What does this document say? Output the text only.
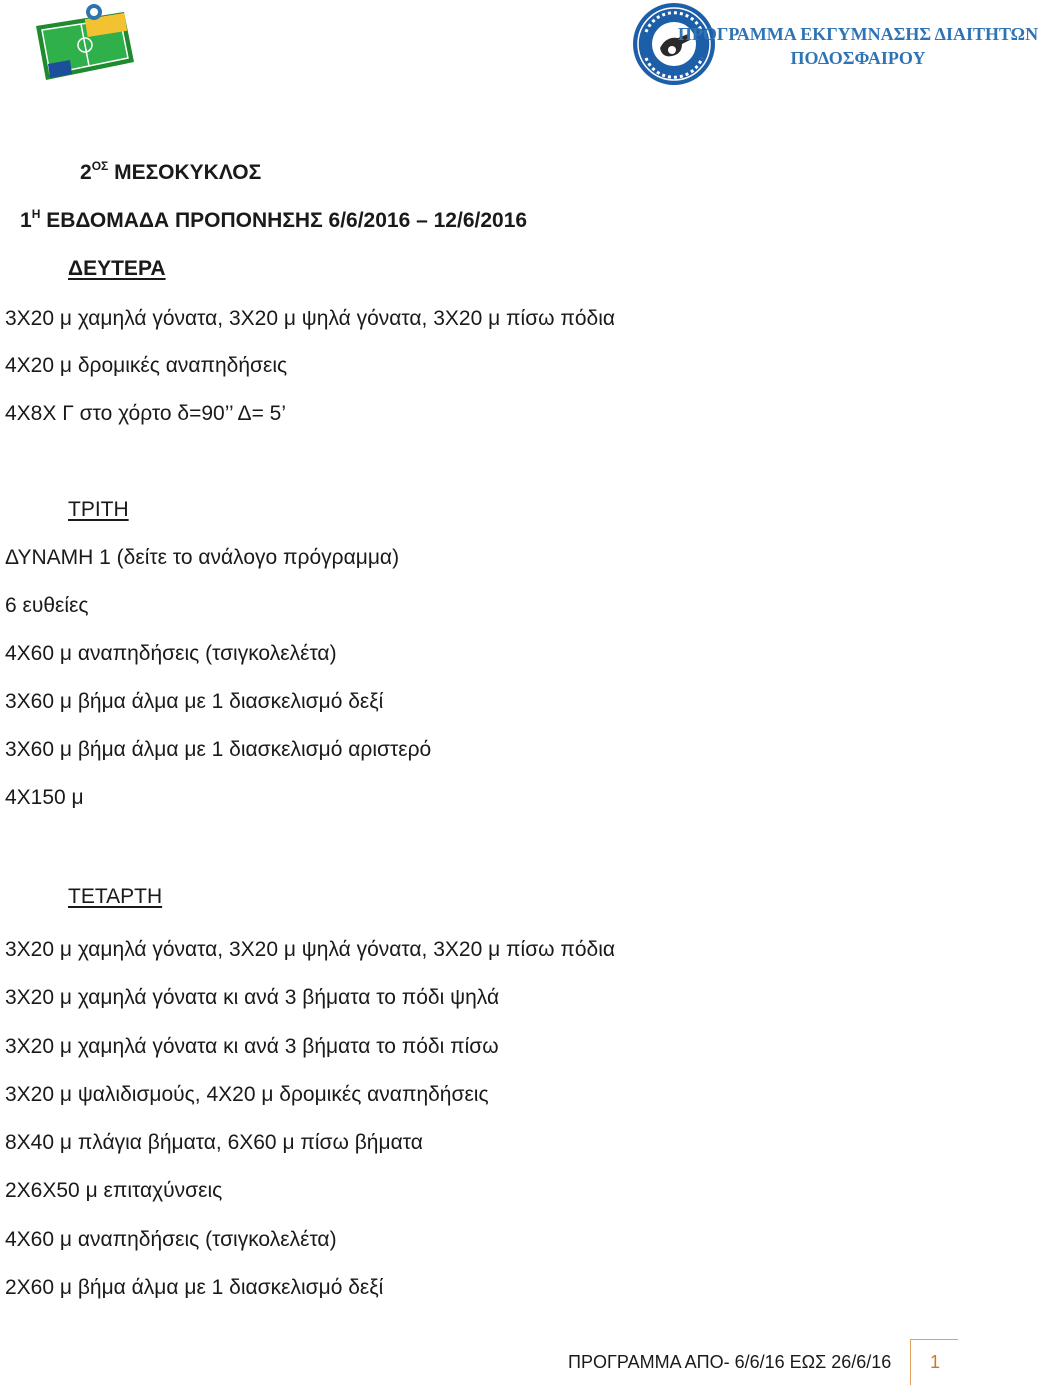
ΠΡΟΓΡΑΜΜΑ ΕΚΓΥΜΝΑΣΗΣ ΔΙΑΙΤΗΤΩΝ
ΠΟΔΟΣΦΑΙΡΟΥ
$2^{O\Sigma}$ ΜΕΣΟΚΥΚΛΟΣ
$1^H$ ΕΒΔΟΜΑΔΑ ΠΡΟΠΟΝΗΣΗΣ 6/6/2016 – 12/6/2016
ΔΕΥΤΕΡΑ
3Χ20 μ χαμηλά γόνατα, 3Χ20 μ ψηλά γόνατα, 3Χ20 μ πίσω πόδια
4Χ20 μ δρομικές αναπηδήσεις
4Χ8Χ Γ στο χόρτο δ=90’’ Δ= 5’
ΤΡΙΤΗ
ΔΥΝΑΜΗ 1 (δείτε το ανάλογο πρόγραμμα)
6 ευθείες
4Χ60 μ αναπηδήσεις (τσιγκολελέτα)
3Χ60 μ βήμα άλμα με 1 διασκελισμό δεξί
3Χ60 μ βήμα άλμα με 1 διασκελισμό αριστερό
4Χ150 μ
ΤΕΤΑΡΤΗ
3Χ20 μ χαμηλά γόνατα, 3Χ20 μ ψηλά γόνατα, 3Χ20 μ πίσω πόδια
3Χ20 μ χαμηλά γόνατα κι ανά 3 βήματα το πόδι ψηλά
3Χ20 μ χαμηλά γόνατα κι ανά 3 βήματα το πόδι πίσω
3Χ20 μ ψαλιδισμούς, 4Χ20 μ δρομικές αναπηδήσεις
8Χ40 μ πλάγια βήματα, 6Χ60 μ πίσω βήματα
2Χ6Χ50 μ επιταχύνσεις
4Χ60 μ αναπηδήσεις (τσιγκολελέτα)
2Χ60 μ βήμα άλμα με 1 διασκελισμό δεξί
ΠΡΟΓΡΑΜΜΑ ΑΠΟ- 6/6/16 ΕΩΣ 26/6/16	1
